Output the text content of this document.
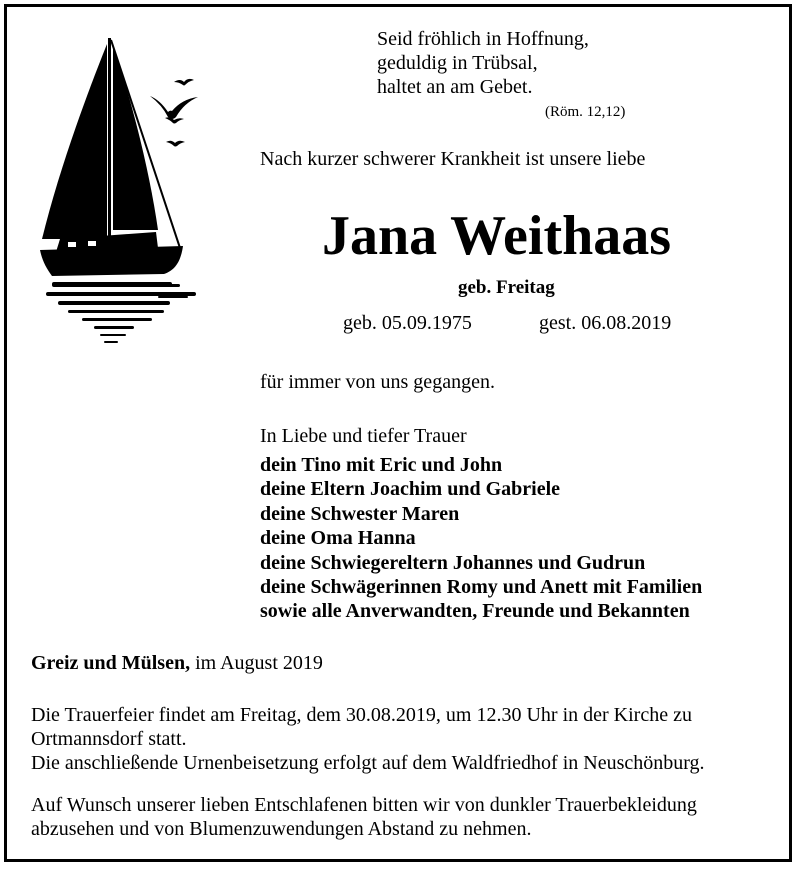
Seid fröhlich in Hoffnung,
geduldig in Trübsal,
haltet an am Gebet.
(Röm. 12,12)
Nach kurzer schwerer Krankheit ist unsere liebe
Jana Weithaas
geb. Freitag
geb. 05.09.1975	gest. 06.08.2019
für immer von uns gegangen.
In Liebe und tiefer Trauer
dein Tino mit Eric und John
deine Eltern Joachim und Gabriele
deine Schwester Maren
deine Oma Hanna
deine Schwiegereltern Johannes und Gudrun
deine Schwägerinnen Romy und Anett mit Familien
sowie alle Anverwandten, Freunde und Bekannten
Greiz und Mülsen, im August 2019
Die Trauerfeier findet am Freitag, dem 30.08.2019, um 12.30 Uhr in der Kirche zu
Ortmannsdorf statt.
Die anschließende Urnenbeisetzung erfolgt auf dem Waldfriedhof in Neuschönburg.
Auf Wunsch unserer lieben Entschlafenen bitten wir von dunkler Trauerbekleidung
abzusehen und von Blumenzuwendungen Abstand zu nehmen.
